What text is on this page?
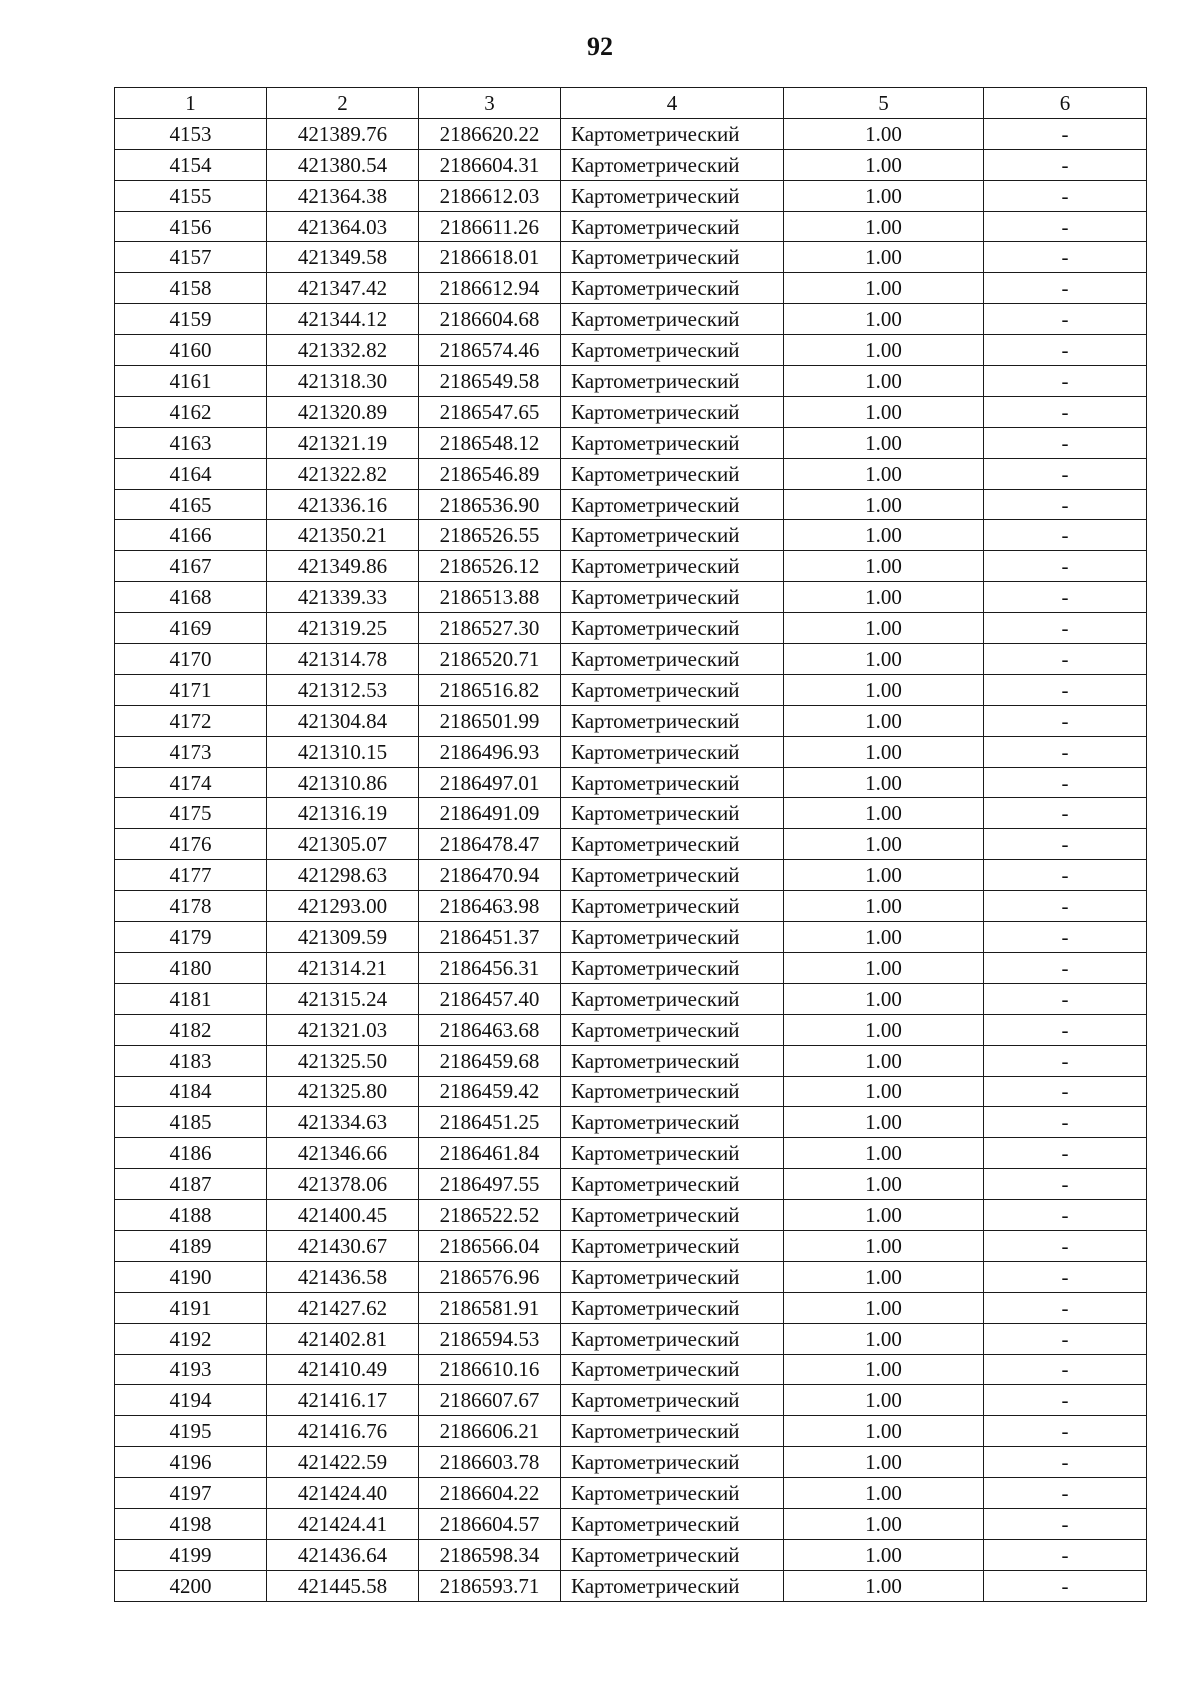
92
1	2	3	4	5	6
4153	421389.76	2186620.22	Картометрический	1.00	-
4154	421380.54	2186604.31	Картометрический	1.00	-
4155	421364.38	2186612.03	Картометрический	1.00	-
4156	421364.03	2186611.26	Картометрический	1.00	-
4157	421349.58	2186618.01	Картометрический	1.00	-
4158	421347.42	2186612.94	Картометрический	1.00	-
4159	421344.12	2186604.68	Картометрический	1.00	-
4160	421332.82	2186574.46	Картометрический	1.00	-
4161	421318.30	2186549.58	Картометрический	1.00	-
4162	421320.89	2186547.65	Картометрический	1.00	-
4163	421321.19	2186548.12	Картометрический	1.00	-
4164	421322.82	2186546.89	Картометрический	1.00	-
4165	421336.16	2186536.90	Картометрический	1.00	-
4166	421350.21	2186526.55	Картометрический	1.00	-
4167	421349.86	2186526.12	Картометрический	1.00	-
4168	421339.33	2186513.88	Картометрический	1.00	-
4169	421319.25	2186527.30	Картометрический	1.00	-
4170	421314.78	2186520.71	Картометрический	1.00	-
4171	421312.53	2186516.82	Картометрический	1.00	-
4172	421304.84	2186501.99	Картометрический	1.00	-
4173	421310.15	2186496.93	Картометрический	1.00	-
4174	421310.86	2186497.01	Картометрический	1.00	-
4175	421316.19	2186491.09	Картометрический	1.00	-
4176	421305.07	2186478.47	Картометрический	1.00	-
4177	421298.63	2186470.94	Картометрический	1.00	-
4178	421293.00	2186463.98	Картометрический	1.00	-
4179	421309.59	2186451.37	Картометрический	1.00	-
4180	421314.21	2186456.31	Картометрический	1.00	-
4181	421315.24	2186457.40	Картометрический	1.00	-
4182	421321.03	2186463.68	Картометрический	1.00	-
4183	421325.50	2186459.68	Картометрический	1.00	-
4184	421325.80	2186459.42	Картометрический	1.00	-
4185	421334.63	2186451.25	Картометрический	1.00	-
4186	421346.66	2186461.84	Картометрический	1.00	-
4187	421378.06	2186497.55	Картометрический	1.00	-
4188	421400.45	2186522.52	Картометрический	1.00	-
4189	421430.67	2186566.04	Картометрический	1.00	-
4190	421436.58	2186576.96	Картометрический	1.00	-
4191	421427.62	2186581.91	Картометрический	1.00	-
4192	421402.81	2186594.53	Картометрический	1.00	-
4193	421410.49	2186610.16	Картометрический	1.00	-
4194	421416.17	2186607.67	Картометрический	1.00	-
4195	421416.76	2186606.21	Картометрический	1.00	-
4196	421422.59	2186603.78	Картометрический	1.00	-
4197	421424.40	2186604.22	Картометрический	1.00	-
4198	421424.41	2186604.57	Картометрический	1.00	-
4199	421436.64	2186598.34	Картометрический	1.00	-
4200	421445.58	2186593.71	Картометрический	1.00	-
